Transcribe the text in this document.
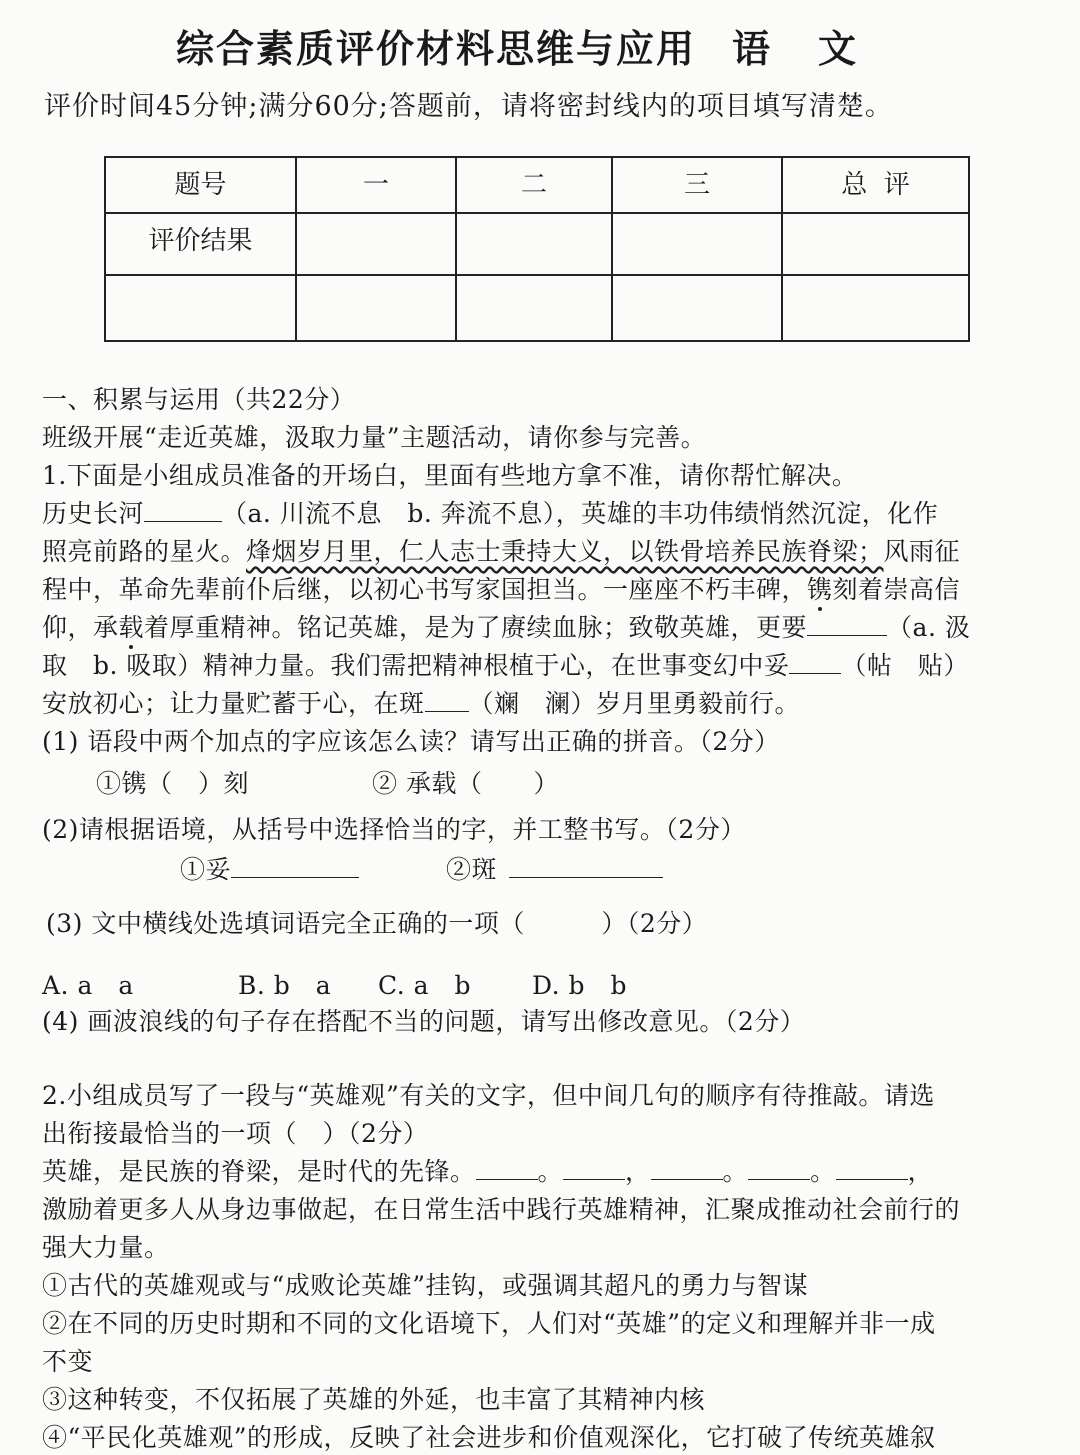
综合素质评价材料思维与应用 语文
评价时间45分钟;满分60分;答题前，请将密封线内的项目填写清楚。
题号	一	二	三	总  评
评价结果				

一、积累与运用（共22分）
班级开展“走近英雄，汲取力量”主题活动，请你参与完善。
1.下面是小组成员准备的开场白，里面有些地方拿不准，请你帮忙解决。
历史长河	（a. 川流不息　b. 奔流不息），英雄的丰功伟绩悄然沉淀，化作
照亮前路的星火。烽烟岁月里，仁人志士秉持大义，以铁骨培养民族脊梁；风雨征
程中，革命先辈前仆后继，以初心书写家国担当。一座座不朽丰碑，镌刻着崇高信
仰，承载着厚重精神。铭记英雄，是为了赓续血脉；致敬英雄，更要	（a. 汲
取　b. 吸取）精神力量。我们需把精神根植于心，在世事变幻中妥 （帖　贴）
安放初心；让力量贮蓄于心，在斑 （斓　澜）岁月里勇毅前行。
(1) 语段中两个加点的字应该怎么读？请写出正确的拼音。（2分）
①镌（　）刻	② 承载（　　）
(2)请根据语境，从括号中选择恰当的字，并工整书写。（2分）
①妥	②斑
(3) 文中横线处选填词语完全正确的一项（　　　）（2分）
A. a　a	B. b　a C. a　b D. b　b
(4) 画波浪线的句子存在搭配不当的问题，请写出修改意见。（2分）
2.小组成员写了一段与“英雄观”有关的文字，但中间几句的顺序有待推敲。请选
出衔接最恰当的一项（　）（2分）
英雄，是民族的脊梁，是时代的先锋。 。 ，	。 。	，
激励着更多人从身边事做起，在日常生活中践行英雄精神，汇聚成推动社会前行的
强大力量。
①古代的英雄观或与“成败论英雄”挂钩，或强调其超凡的勇力与智谋
②在不同的历史时期和不同的文化语境下，人们对“英雄”的定义和理解并非一成
不变
③这种转变，不仅拓展了英雄的外延，也丰富了其精神内核
④“平民化英雄观”的形成，反映了社会进步和价值观深化，它打破了传统英雄叙
